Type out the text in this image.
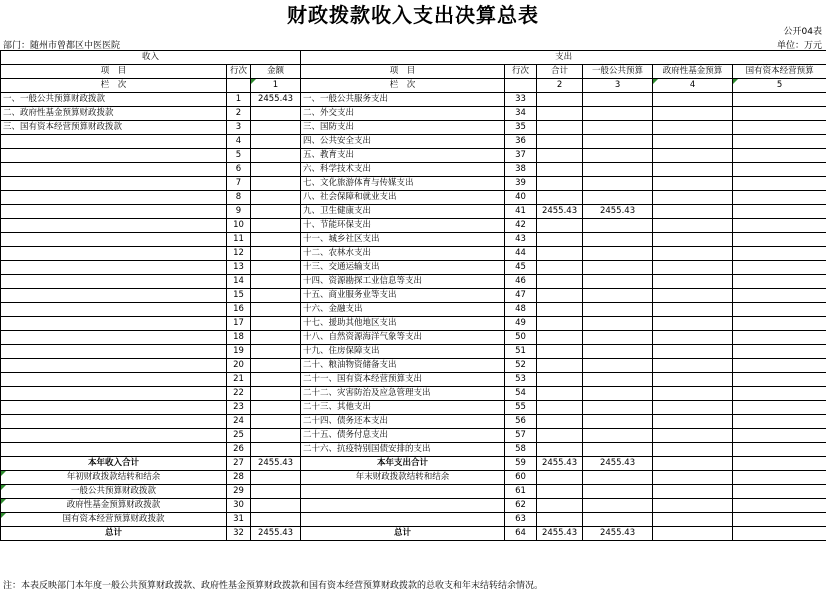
财政拨款收入支出决算总表
公开04表
部门：随州市曾都区中医医院	单位：万元
收入			支出					
项　目	行次	金额	项　目	行次	合计	一般公共预算	政府性基金预算	国有资本经营预算
栏　次		1	栏　次		2	3	4	5
一、一般公共预算财政拨款	1	2455.43	一、一般公共服务支出	33				
二、政府性基金预算财政拨款	2		二、外交支出	34				
三、国有资本经营预算财政拨款	3		三、国防支出	35				
	4		四、公共安全支出	36				
	5		五、教育支出	37				
	6		六、科学技术支出	38				
	7		七、文化旅游体育与传媒支出	39				
	8		八、社会保障和就业支出	40				
	9		九、卫生健康支出	41	2455.43	2455.43		
	10		十、节能环保支出	42				
	11		十一、城乡社区支出	43				
	12		十二、农林水支出	44				
	13		十三、交通运输支出	45				
	14		十四、资源勘探工业信息等支出	46				
	15		十五、商业服务业等支出	47				
	16		十六、金融支出	48				
	17		十七、援助其他地区支出	49				
	18		十八、自然资源海洋气象等支出	50				
	19		十九、住房保障支出	51				
	20		二十、粮油物资储备支出	52				
	21		二十一、国有资本经营预算支出	53				
	22		二十二、灾害防治及应急管理支出	54				
	23		二十三、其他支出	55				
	24		二十四、债务还本支出	56				
	25		二十五、债务付息支出	57				
	26		二十六、抗疫特别国债安排的支出	58				
本年收入合计	27	2455.43	本年支出合计	59	2455.43	2455.43		
年初财政拨款结转和结余	28		年末财政拨款结转和结余	60				
一般公共预算财政拨款	29			61				
政府性基金预算财政拨款	30			62				
国有资本经营预算财政拨款	31			63				
总计	32	2455.43	总计	64	2455.43	2455.43		
注：本表反映部门本年度一般公共预算财政拨款、政府性基金预算财政拨款和国有资本经营预算财政拨款的总收支和年末结转结余情况。
